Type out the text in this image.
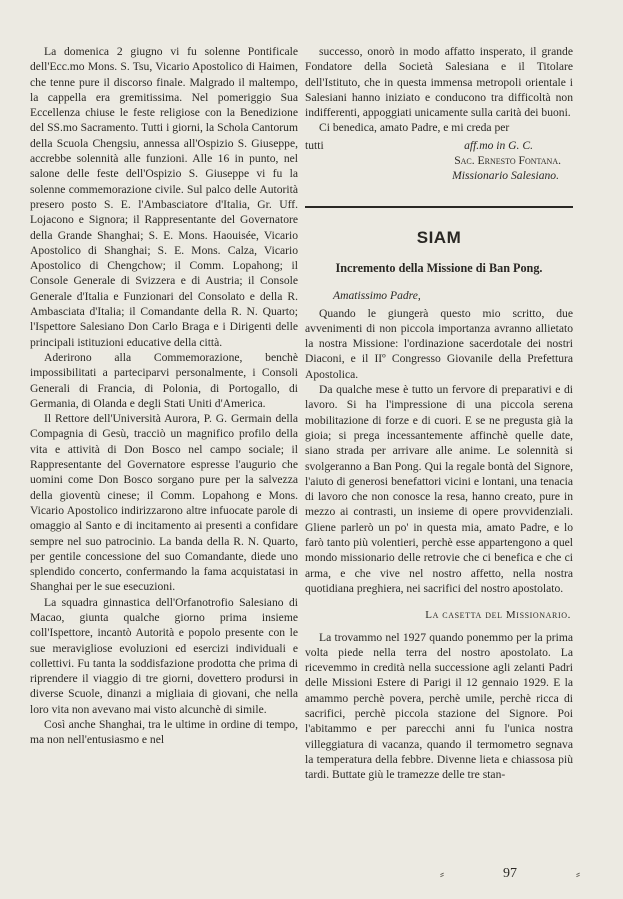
La domenica 2 giugno vi fu solenne Pontificale dell'Ecc.mo Mons. S. Tsu, Vicario Apostolico di Haimen, che tenne pure il discorso finale. Malgrado il maltempo, la cappella era gremitissima. Nel pomeriggio Sua Eccellenza chiuse le feste religiose con la Benedizione del SS.mo Sacramento. Tutti i giorni, la Schola Cantorum della Scuola Chengsiu, annessa all'Ospizio S. Giuseppe, accrebbe solennità alle funzioni. Alle 16 in punto, nel salone delle feste dell'Ospizio S. Giuseppe vi fu la solenne commemorazione civile. Sul palco delle Autorità presero posto S. E. l'Ambasciatore d'Italia, Gr. Uff. Lojacono e Signora; il Rappresentante del Governatore della Grande Shanghai; S. E. Mons. Haouisée, Vicario Apostolico di Shanghai; S. E. Mons. Calza, Vicario Apostolico di Chengchow; il Comm. Lopahong; il Console Generale di Svizzera e di Austria; il Console Generale d'Italia e Funzionari del Consolato e della R. Ambasciata d'Italia; il Comandante della R. N. Quarto; l'Ispettore Salesiano Don Carlo Braga e i Dirigenti delle principali istituzioni educative della città.

Aderirono alla Commemorazione, benchè impossibilitati a parteciparvi personalmente, i Consoli Generali di Francia, di Polonia, di Portogallo, di Germania, di Olanda e degli Stati Uniti d'America.

Il Rettore dell'Università Aurora, P. G. Germain della Compagnia di Gesù, tracciò un magnifico profilo della vita e attività di Don Bosco nel campo sociale; il Rappresentante del Governatore espresse l'augurio che uomini come Don Bosco sorgano pure per la salvezza della gioventù cinese; il Comm. Lopahong e Mons. Vicario Apostolico indirizzarono altre infuocate parole di omaggio al Santo e di incitamento ai presenti a confidare sempre nel suo patrocinio. La banda della R. N. Quarto, per gentile concessione del suo Comandante, diede uno splendido concerto, confermando la fama acquistatasi in Shanghai per le sue esecuzioni.

La squadra ginnastica dell'Orfanotrofio Salesiano di Macao, giunta qualche giorno prima insieme coll'Ispettore, incantò Autorità e popolo presente con le sue meravigliose evoluzioni ed esercizi individuali e collettivi. Fu tanta la soddisfazione prodotta che prima di riprendere il viaggio di tre giorni, dovettero prodursi in diverse Scuole, dinanzi a migliaia di giovani, che nella loro vita non avevano mai visto alcunchè di simile.

Così anche Shanghai, tra le ultime in ordine di tempo, ma non nell'entusiasmo e nel

successo, onorò in modo affatto insperato, il grande Fondatore della Società Salesiana e il Titolare dell'Istituto, che in questa immensa metropoli orientale i Salesiani hanno iniziato e conducono tra difficoltà non indifferenti, appoggiati unicamente sulla carità dei buoni.

Ci benedica, amato Padre, e mi creda per

tutti	aff.mo in G. C.
Sac. Ernesto Fontana.
Missionario Salesiano.
SIAM
Incremento della Missione di Ban Pong.

Amatissimo Padre,

Quando le giungerà questo mio scritto, due avvenimenti di non piccola importanza avranno allietato la nostra Missione: l'ordinazione sacerdotale dei nostri Diaconi, e il IIº Congresso Giovanile della Prefettura Apostolica.

Da qualche mese è tutto un fervore di preparativi e di lavoro. Si ha l'impressione di una piccola serena mobilitazione di forze e di cuori. E se ne pregusta già la gioia; si prega incessantemente affinchè quelle date, siano strada per arrivare alle anime. Le solennità si svolgeranno a Ban Pong. Qui la regale bontà del Signore, l'aiuto di generosi benefattori vicini e lontani, una tenacia di lavoro che non conosce la resa, hanno creato, pure in mezzo ai contrasti, un insieme di opere provvidenziali. Gliene parlerò un po' in questa mia, amato Padre, e lo farò tanto più volentieri, perchè esse appartengono a quel mondo missionario delle retrovie che ci benefica e che ci arma, e che vive nel nostro affetto, nella nostra quotidiana preghiera, nei sacrifici del nostro apostolato.

La casetta del Missionario.

La trovammo nel 1927 quando ponemmo per la prima volta piede nella terra del nostro apostolato. La ricevemmo in credità nella successione agli zelanti Padri delle Missioni Estere di Parigi il 12 gennaio 1929. E la amammo perchè povera, perchè umile, perchè ricca di sacrifici, perchè piccola stazione del Signore. Poi l'abitammo e per parecchi anni fu l'unica nostra villeggiatura di vacanza, quando il termometro segnava la temperatura della febbre. Divenne lieta e chiassosa più tardi. Buttate giù le tramezze delle tre stan-

⸗	97	⸗
